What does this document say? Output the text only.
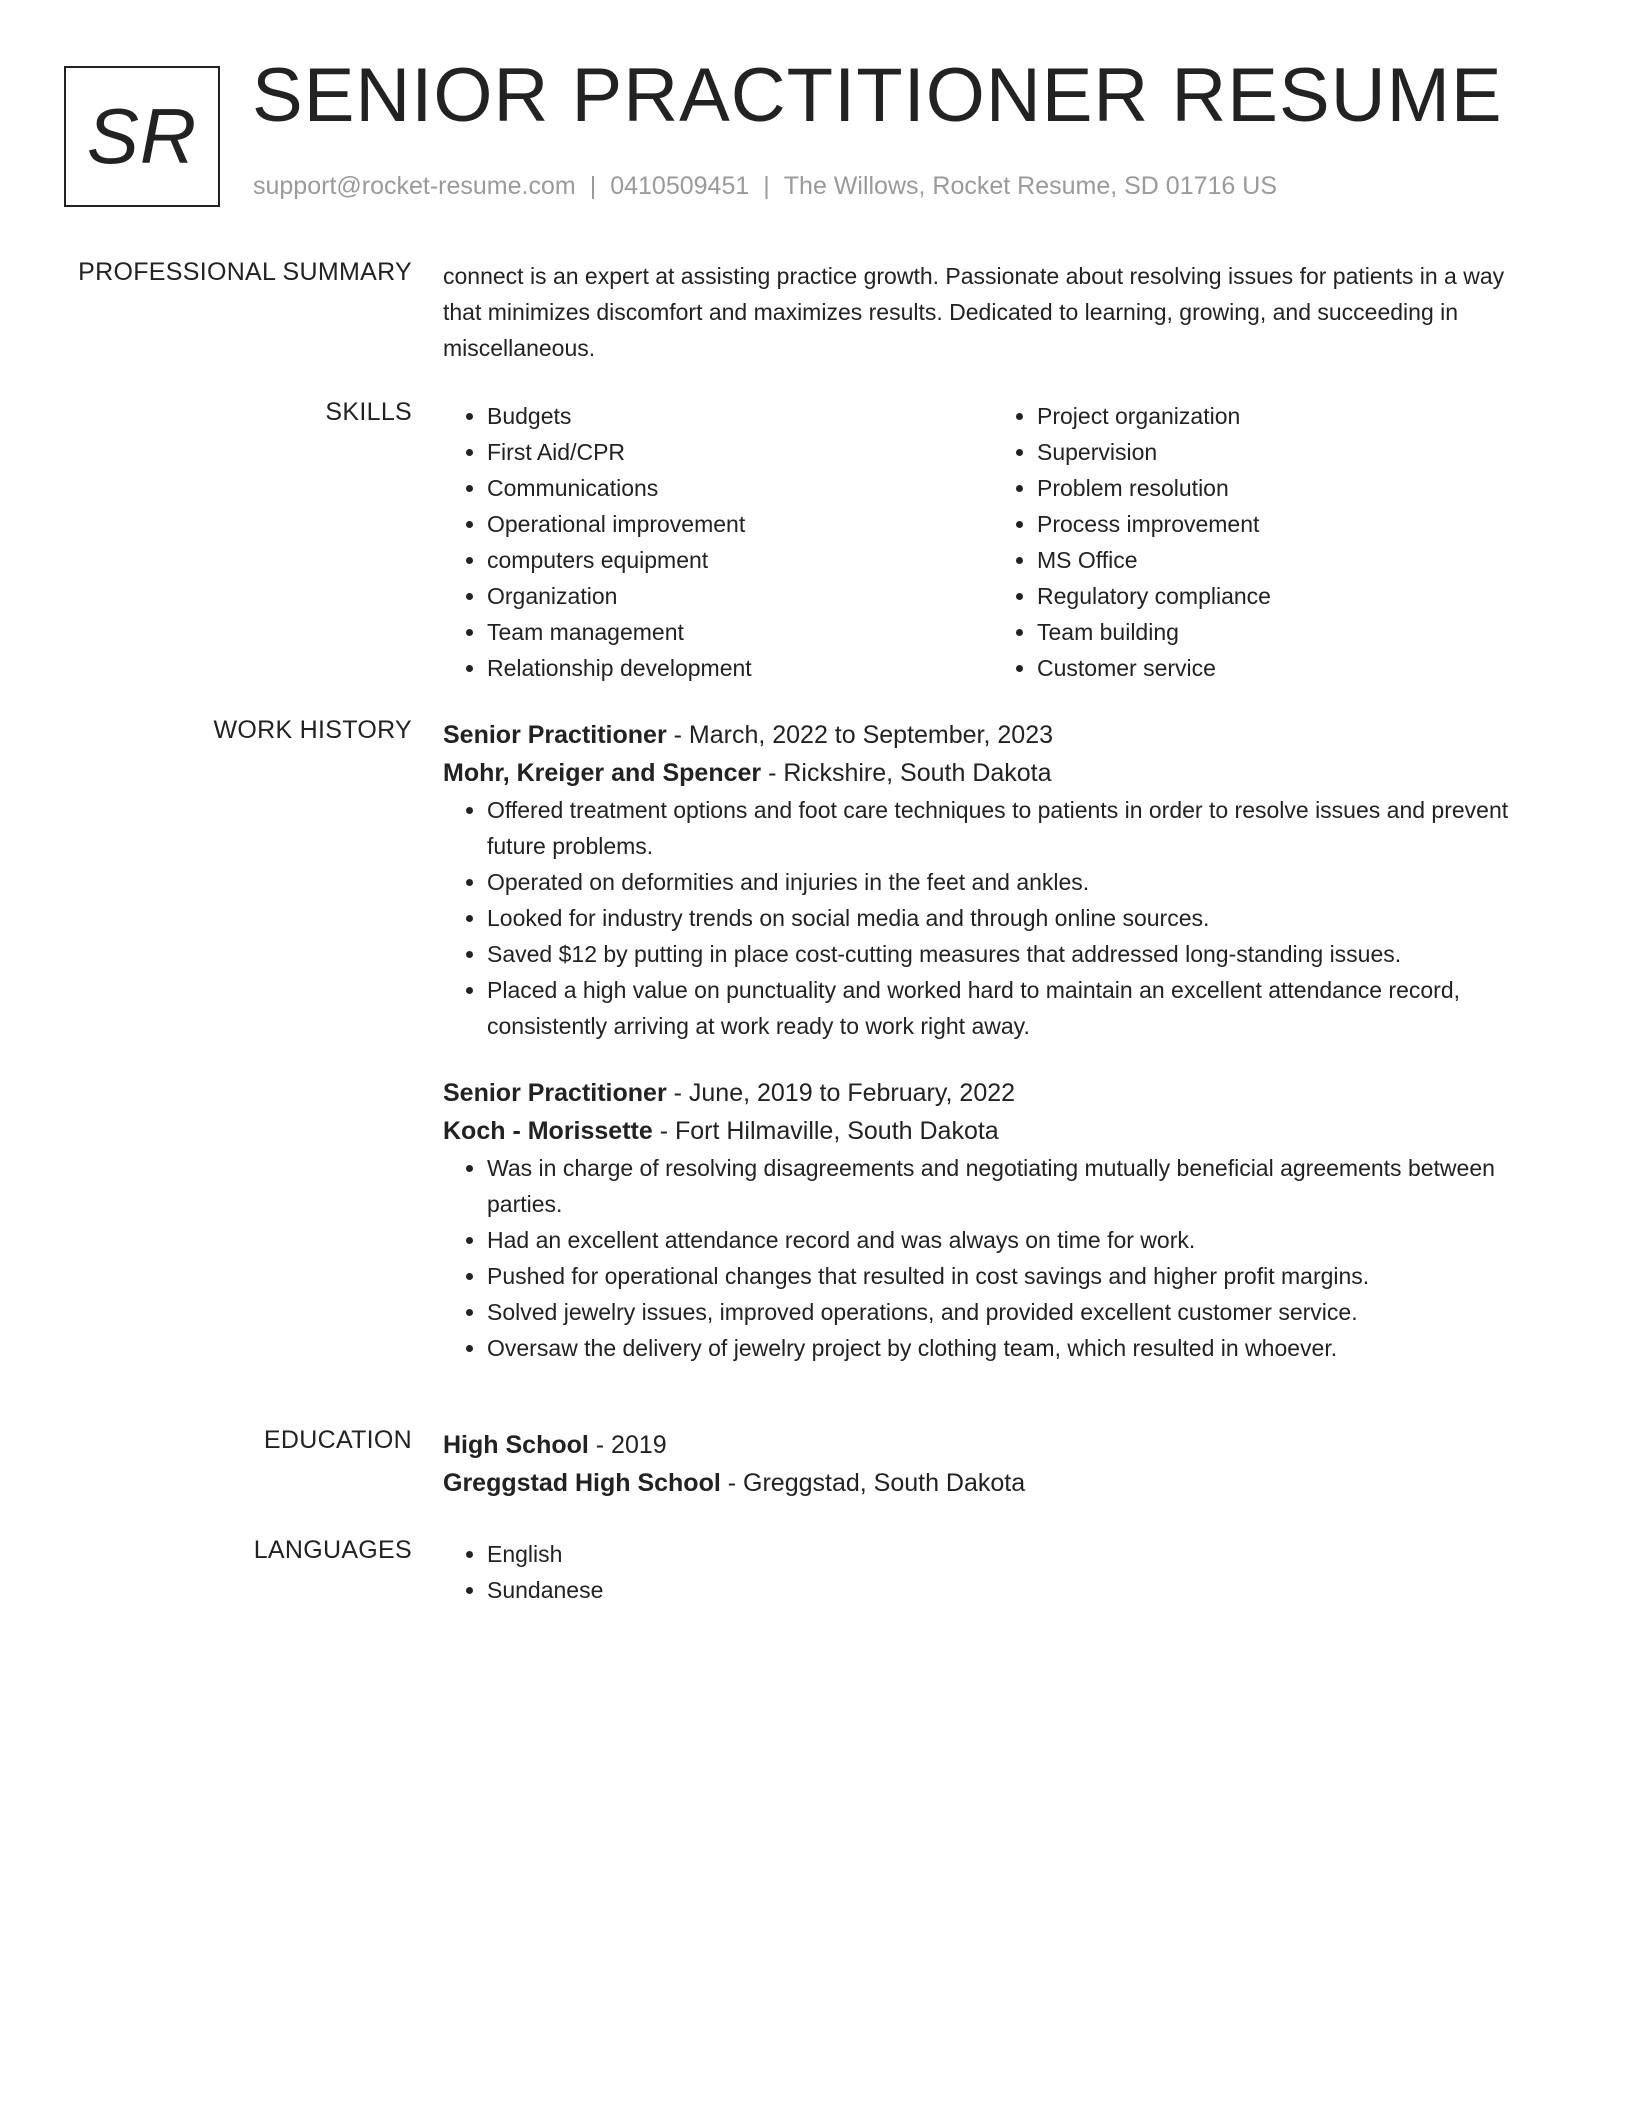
SR SENIOR PRACTITIONER RESUME
support@rocket-resume.com | 0410509451 | The Willows, Rocket Resume, SD 01716 US
PROFESSIONAL SUMMARY connect is an expert at assisting practice growth. Passionate about resolving issues for patients in a way that minimizes discomfort and maximizes results. Dedicated to learning, growing, and succeeding in miscellaneous.
SKILLS	• Budgets
• First Aid/CPR
• Communications
• Operational improvement
• computers equipment
• Organization
• Team management
• Relationship development
• Project organization
• Supervision
• Problem resolution
• Process improvement
• MS Office
• Regulatory compliance
• Team building
• Customer service
WORK HISTORY Senior Practitioner - March, 2022 to September, 2023
Mohr, Kreiger and Spencer - Rickshire, South Dakota
• Offered treatment options and foot care techniques to patients in order to resolve issues and prevent future problems.
• Operated on deformities and injuries in the feet and ankles.
• Looked for industry trends on social media and through online sources.
• Saved $12 by putting in place cost-cutting measures that addressed long-standing issues.
• Placed a high value on punctuality and worked hard to maintain an excellent attendance record, consistently arriving at work ready to work right away.
Senior Practitioner - June, 2019 to February, 2022
Koch - Morissette - Fort Hilmaville, South Dakota
• Was in charge of resolving disagreements and negotiating mutually beneficial agreements between parties.
• Had an excellent attendance record and was always on time for work.
• Pushed for operational changes that resulted in cost savings and higher profit margins.
• Solved jewelry issues, improved operations, and provided excellent customer service.
• Oversaw the delivery of jewelry project by clothing team, which resulted in whoever.
EDUCATION High School - 2019
Greggstad High School - Greggstad, South Dakota
LANGUAGES	• English
• Sundanese
